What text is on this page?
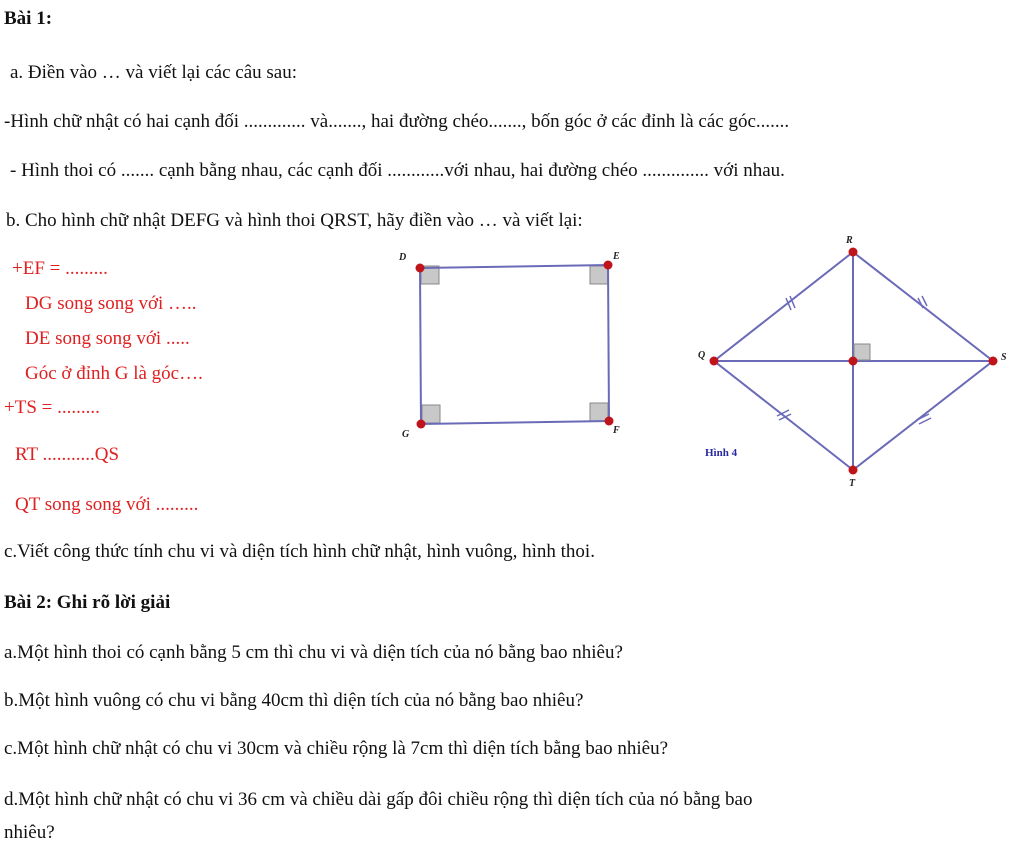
Bài 1:
a. Điền vào … và viết lại các câu sau:
-Hình chữ nhật có hai cạnh đối ............. và......., hai đường chéo......., bốn góc ở các đỉnh là các góc.......
- Hình thoi có ....... cạnh bằng nhau, các cạnh đối ............với nhau, hai đường chéo .............. với nhau.
b. Cho hình chữ nhật DEFG và hình thoi QRST, hãy điền vào … và viết lại:
+EF = .........
DG song song với …..
DE song song với .....
Góc ở đỉnh G là góc….
+TS = .........
RT ...........QS
QT song song với .........
c.Viết công thức tính chu vi và diện tích hình chữ nhật, hình vuông, hình thoi.
Bài 2: Ghi rõ lời giải
a.Một hình thoi có cạnh bằng 5 cm thì chu vi và diện tích của nó bằng bao nhiêu?
b.Một hình vuông có chu vi bằng 40cm thì diện tích của nó bằng bao nhiêu?
c.Một hình chữ nhật có chu vi 30cm và chiều rộng là 7cm thì diện tích bằng bao nhiêu?
d.Một hình chữ nhật có chu vi 36 cm và chiều dài gấp đôi chiều rộng thì diện tích của nó bằng bao
nhiêu?
D	E
F
G
R
S
T
Q
Hình 4
